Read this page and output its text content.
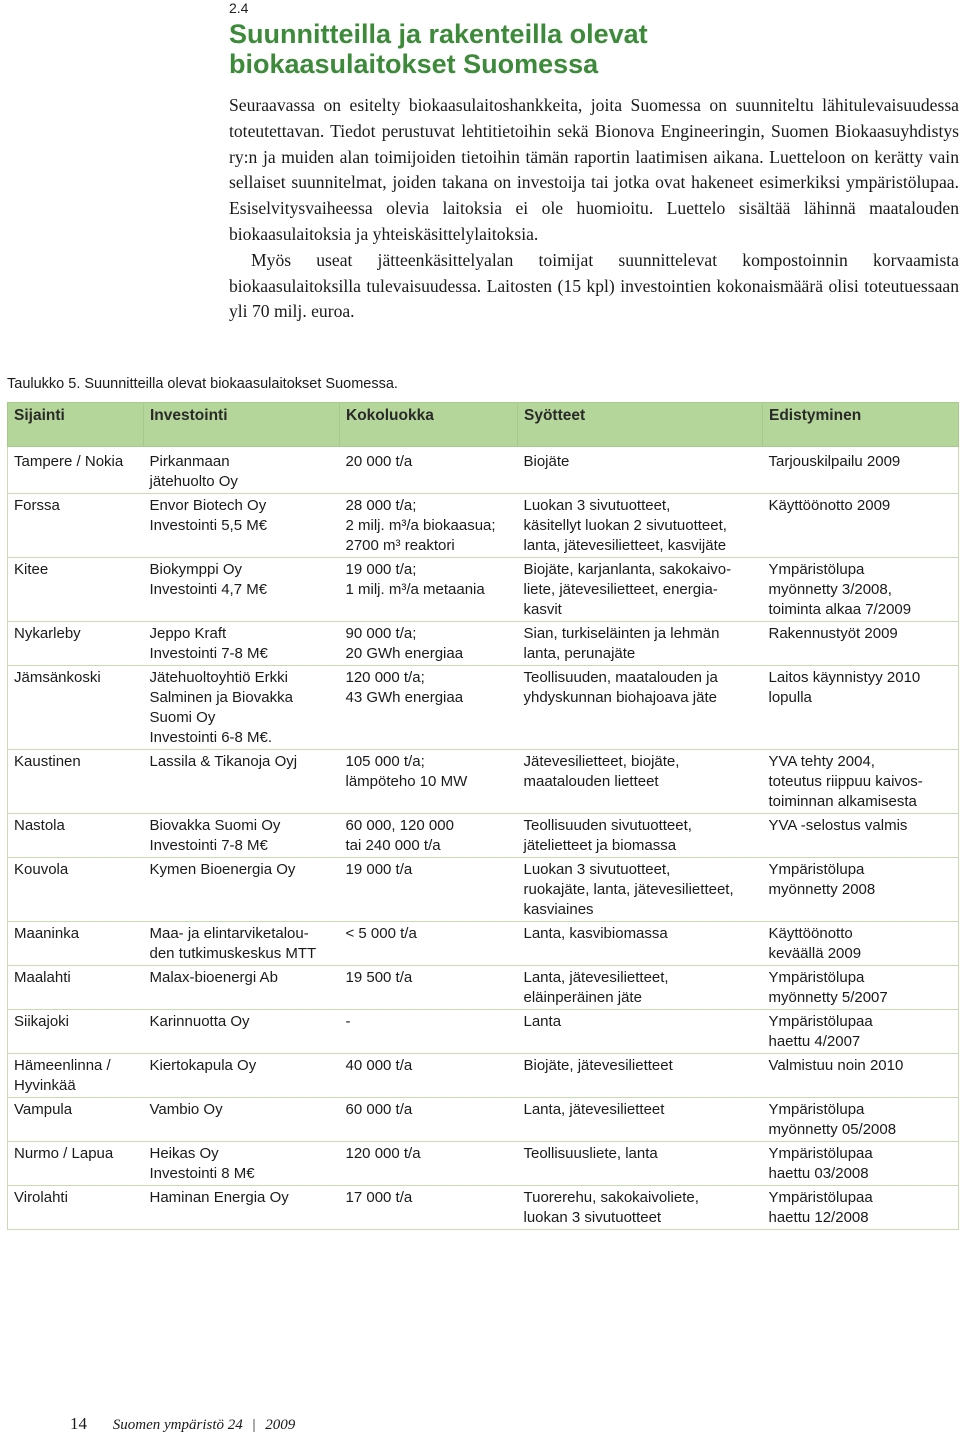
2.4
Suunnitteilla ja rakenteilla olevat
biokaasulaitokset Suomessa

Seuraavassa on esitelty biokaasulaitoshankkeita, joita Suomessa on suunniteltu lähitulevaisuudessa toteutettavan. Tiedot perustuvat lehtitietoihin sekä Bionova Engineeringin, Suomen Biokaasuyhdistys ry:n ja muiden alan toimijoiden tietoihin tämän raportin laatimisen aikana. Luetteloon on kerätty vain sellaiset suunnitelmat, joiden takana on investoija tai jotka ovat hakeneet esimerkiksi ympäristölupaa. Esiselvitysvaiheessa olevia laitoksia ei ole huomioitu. Luettelo sisältää lähinnä maatalouden biokaasulaitoksia ja yhteiskäsittelylaitoksia.

Myös useat jätteenkäsittelyalan toimijat suunnittelevat kompostoinnin korvaamista biokaasulaitoksilla tulevaisuudessa. Laitosten (15 kpl) investointien kokonaismäärä olisi toteutuessaan yli 70 milj. euroa.

Taulukko 5. Suunnitteilla olevat biokaasulaitokset Suomessa.
Sijainti	Investointi	Kokoluokka	Syötteet	Edistyminen

Tampere / Nokia	Pirkanmaan
jätehuolto Oy	20 000 t/a	Biojäte	Tarjouskilpailu 2009

Forssa	Envor Biotech Oy
Investointi 5,5 M€	28 000 t/a;
2 milj. m³/a biokaasua;
2700 m³ reaktori	Luokan 3 sivutuotteet,
käsitellyt luokan 2 sivutuotteet,
lanta, jätevesilietteet, kasvijäte	Käyttöönotto 2009

Kitee	Biokymppi Oy
Investointi 4,7 M€	19 000 t/a;
1 milj. m³/a metaania	Biojäte, karjanlanta, sakokaivo-
liete, jätevesilietteet, energia-
kasvit	Ympäristölupa
myönnetty 3/2008,
toiminta alkaa 7/2009

Nykarleby	Jeppo Kraft
Investointi 7-8 M€	90 000 t/a;
20 GWh energiaa	Sian, turkiseläinten ja lehmän
lanta, perunajäte	Rakennustyöt 2009

Jämsänkoski	Jätehuoltoyhtiö Erkki
Salminen ja Biovakka
Suomi Oy
Investointi 6-8 M€.	120 000 t/a;
43 GWh energiaa	Teollisuuden, maatalouden ja
yhdyskunnan biohajoava jäte	Laitos käynnistyy 2010
lopulla

Kaustinen	Lassila & Tikanoja Oyj	105 000 t/a;
lämpöteho 10 MW	Jätevesilietteet, biojäte,
maatalouden lietteet	YVA tehty 2004,
toteutus riippuu kaivos-
toiminnan alkamisesta

Nastola	Biovakka Suomi Oy
Investointi 7-8 M€	60 000, 120 000
tai 240 000 t/a	Teollisuuden sivutuotteet,
jätelietteet ja biomassa	YVA -selostus valmis

Kouvola	Kymen Bioenergia Oy	19 000 t/a	Luokan 3 sivutuotteet,
ruokajäte, lanta, jätevesilietteet,
kasviaines	Ympäristölupa
myönnetty 2008

Maaninka	Maa- ja elintarviketalou-
den tutkimuskeskus MTT	< 5 000 t/a	Lanta, kasvibiomassa	Käyttöönotto
keväällä 2009

Maalahti	Malax-bioenergi Ab	19 500 t/a	Lanta, jätevesilietteet,
eläinperäinen jäte	Ympäristölupa
myönnetty 5/2007

Siikajoki	Karinnuotta Oy	-	Lanta	Ympäristölupaa
haettu 4/2007

Hämeenlinna /
Hyvinkää	Kiertokapula Oy	40 000 t/a	Biojäte, jätevesilietteet	Valmistuu noin 2010

Vampula	Vambio Oy	60 000 t/a	Lanta, jätevesilietteet	Ympäristölupa
myönnetty 05/2008

Nurmo / Lapua	Heikas Oy
Investointi 8 M€	120 000 t/a	Teollisuusliete, lanta	Ympäristölupaa
haettu 03/2008

Virolahti	Haminan Energia Oy	17 000 t/a	Tuorerehu, sakokaivoliete,
luokan 3 sivutuotteet	Ympäristölupaa
haettu 12/2008
14 Suomen ympäristö 24 | 2009
